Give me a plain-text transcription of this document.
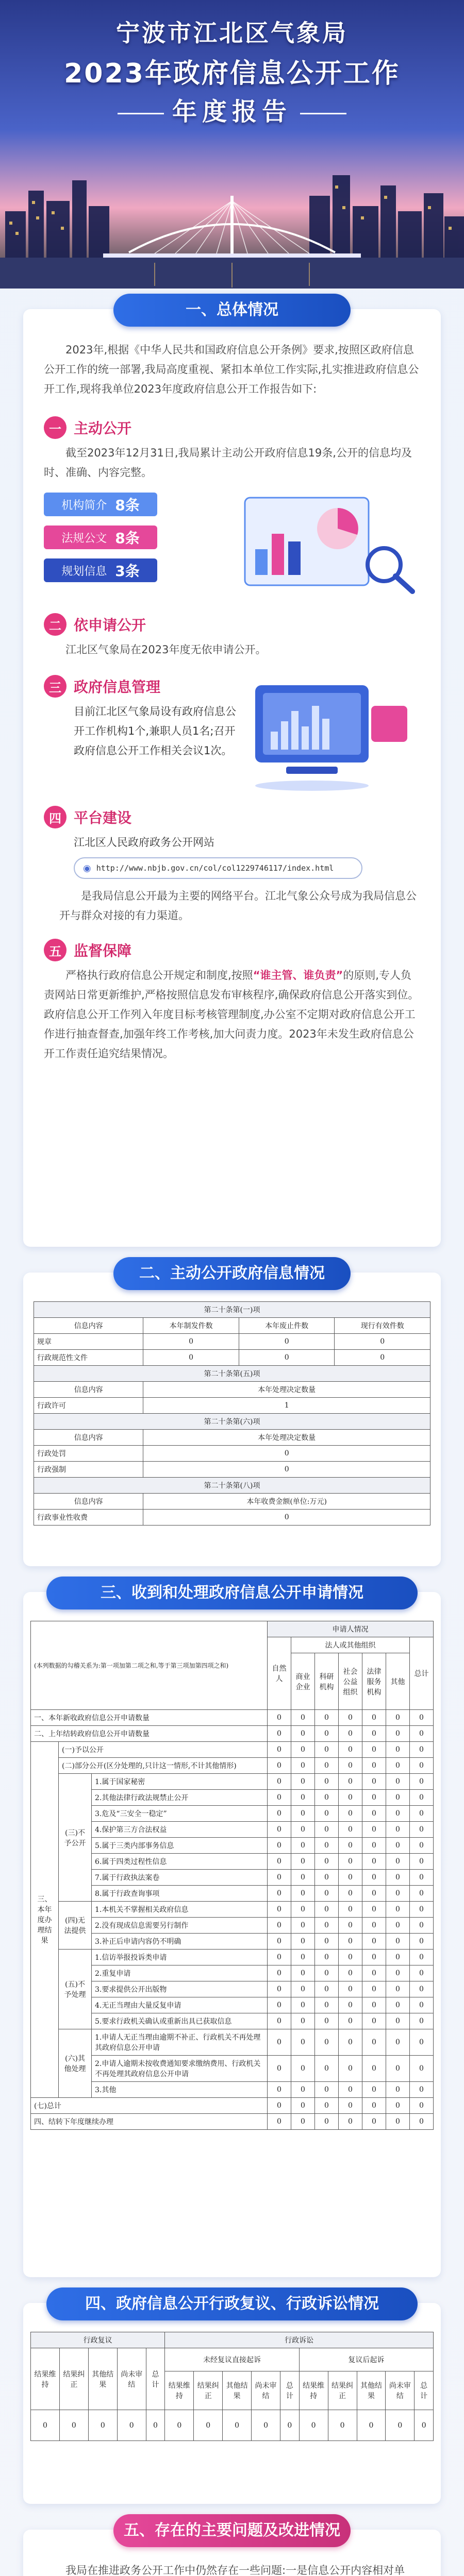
宁波市江北区气象局
2023年政府信息公开工作
年度报告
一、总体情况

2023年,根据《中华人民共和国政府信息公开条例》要求,按照区政府信息公开工作的统一部署,我局高度重视、紧扣本单位工作实际,扎实推进政府信息公开工作,现将我单位2023年度政府信息公开工作报告如下:

一 主动公开

截至2023年12月31日,我局累计主动公开政府信息19条,公开的信息均及时、准确、内容完整。

机构简介 8条
法规公文 8条
规划信息 3条
二 依申请公开

江北区气象局在2023年度无依申请公开。

三 政府信息管理

目前江北区气象局设有政府信息公开工作机构1个,兼职人员1名;召开政府信息公开工作相关会议1次。

四 平台建设

江北区人民政府政务公开网站

◉ http://www.nbjb.gov.cn/col/col1229746117/index.html

是我局信息公开最为主要的网络平台。江北气象公众号成为我局信息公开与群众对接的有力渠道。

五 监督保障

严格执行政府信息公开规定和制度,按照“谁主管、谁负责”的原则,专人负责网站日常更新维护,严格按照信息发布审核程序,确保政府信息公开落实到位。政府信息公开工作列入年度目标考核管理制度,办公室不定期对政府信息公开工作进行抽查督查,加强年终工作考核,加大问责力度。2023年未发生政府信息公开工作责任追究结果情况。

二、主动公开政府信息情况
第二十条第(一)项			
信息内容	本年制发件数	本年废止件数	现行有效件数
规章	0	0	0
行政规范性文件	0	0	0
第二十条第(五)项			
信息内容	本年处理决定数量		
行政许可	1		
第二十条第(六)项			
信息内容	本年处理决定数量		
行政处罚	0		
行政强制	0		
第二十条第(八)项			
信息内容	本年收费金额(单位:万元)		
行政事业性收费	0		
三、收到和处理政府信息公开申请情况
(本列数据的勾稽关系为:第一项加第二项之和,等于第三项加第四项之和)			申请人情况						
			自然人	法人或其他组织					总计
				商业企业	科研机构	社会公益组织	法律服务机构	其他	
一、本年新收政府信息公开申请数量			0	0	0	0	0	0	0
二、上年结转政府信息公开申请数量			0	0	0	0	0	0	0
三、本年度办理结果	(一)予以公开		0	0	0	0	0	0	0
	(二)部分公开(区分处理的,只计这一情形,不计其他情形)		0	0	0	0	0	0	0
	(三)不予公开	1.属于国家秘密	0	0	0	0	0	0	0
		2.其他法律行政法规禁止公开	0	0	0	0	0	0	0
		3.危及“三安全一稳定”	0	0	0	0	0	0	0
		4.保护第三方合法权益	0	0	0	0	0	0	0
		5.属于三类内部事务信息	0	0	0	0	0	0	0
		6.属于四类过程性信息	0	0	0	0	0	0	0
		7.属于行政执法案卷	0	0	0	0	0	0	0
		8.属于行政查询事项	0	0	0	0	0	0	0
	(四)无法提供	1.本机关不掌握相关政府信息	0	0	0	0	0	0	0
		2.没有现成信息需要另行制作	0	0	0	0	0	0	0
		3.补正后申请内容仍不明确	0	0	0	0	0	0	0
	(五)不予处理	1.信访举报投诉类申请	0	0	0	0	0	0	0
		2.重复申请	0	0	0	0	0	0	0
		3.要求提供公开出版物	0	0	0	0	0	0	0
		4.无正当理由大量反复申请	0	0	0	0	0	0	0
		5.要求行政机关确认或重新出具已获取信息	0	0	0	0	0	0	0
	(六)其他处理	1.申请人无正当理由逾期不补正、行政机关不再处理其政府信息公开申请	0	0	0	0	0	0	0
		2.申请人逾期未按收费通知要求缴纳费用、行政机关不再处理其政府信息公开申请	0	0	0	0	0	0	0
		3.其他	0	0	0	0	0	0	0
(七)总计			0	0	0	0	0	0	0
四、结转下年度继续办理			0	0	0	0	0	0	0
四、政府信息公开行政复议、行政诉讼情况
行政复议					行政诉讼									
结果维持	结果纠正	其他结果	尚未审结	总计	未经复议直接起诉					复议后起诉				
					结果维持	结果纠正	其他结果	尚未审结	总计	结果维持	结果纠正	其他结果	尚未审结	总计
0	0	0	0	0	0	0	0	0	0	0	0	0	0	0
五、存在的主要问题及改进情况

我局在推进政务公开工作中仍然存在一些问题:一是信息公开内容相对单
